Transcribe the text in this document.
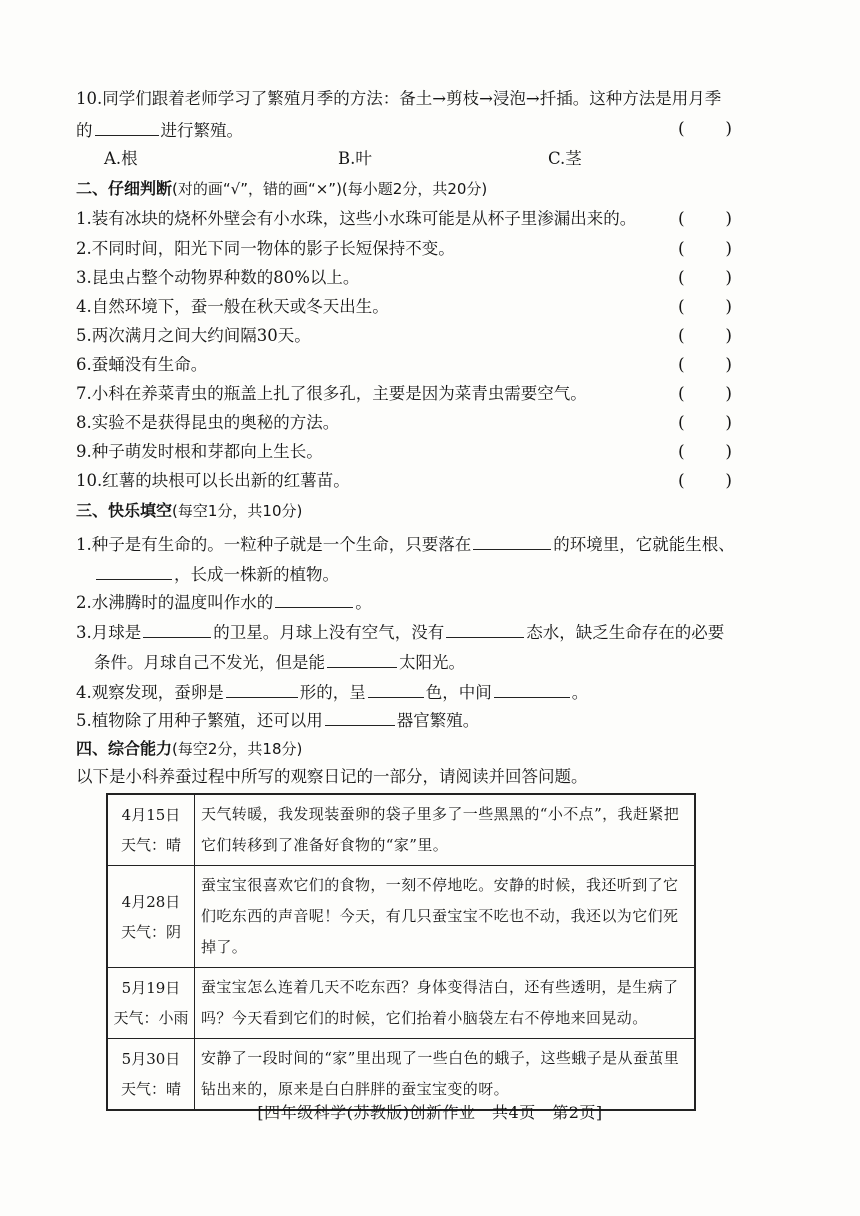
10.同学们跟着老师学习了繁殖月季的方法：备土→剪枝→浸泡→扦插。这种方法是用月季
的	进行繁殖。	( )
A.根	B.叶	C.茎
二、仔细判断(对的画“√”，错的画“×”)(每小题2分，共20分)
1.装有冰块的烧杯外壁会有小水珠，这些小水珠可能是从杯子里渗漏出来的。	( )
2.不同时间，阳光下同一物体的影子长短保持不变。	( )
3.昆虫占整个动物界种数的80%以上。	( )
4.自然环境下，蚕一般在秋天或冬天出生。	( )
5.两次满月之间大约间隔30天。	( )
6.蚕蛹没有生命。	( )
7.小科在养菜青虫的瓶盖上扎了很多孔，主要是因为菜青虫需要空气。	( )
8.实验不是获得昆虫的奥秘的方法。	( )
9.种子萌发时根和芽都向上生长。	( )
10.红薯的块根可以长出新的红薯苗。	( )
三、快乐填空(每空1分，共10分)
1.种子是有生命的。一粒种子就是一个生命，只要落在	的环境里，它就能生根、
，长成一株新的植物。
2.水沸腾时的温度叫作水的	。
3.月球是	的卫星。月球上没有空气，没有	态水，缺乏生命存在的必要
条件。月球自己不发光，但是能	太阳光。
4.观察发现，蚕卵是	形的，呈	色，中间	。
5.植物除了用种子繁殖，还可以用	器官繁殖。
四、综合能力(每空2分，共18分)
以下是小科养蚕过程中所写的观察日记的一部分，请阅读并回答问题。
4月15日
天气：晴	天气转暖，我发现装蚕卵的袋子里多了一些黑黑的“小不点”，我赶紧把它们转移到了准备好食物的“家”里。

4月28日
天气：阴	蚕宝宝很喜欢它们的食物，一刻不停地吃。安静的时候，我还听到了它们吃东西的声音呢！今天，有几只蚕宝宝不吃也不动，我还以为它们死掉了。

5月19日
天气：小雨	蚕宝宝怎么连着几天不吃东西？身体变得洁白，还有些透明，是生病了吗？今天看到它们的时候，它们抬着小脑袋左右不停地来回晃动。

5月30日
天气：晴	安静了一段时间的“家”里出现了一些白色的蛾子，这些蛾子是从蚕茧里钻出来的，原来是白白胖胖的蚕宝宝变的呀。
[四年级科学(苏教版)创新作业　共4页　第2页]
